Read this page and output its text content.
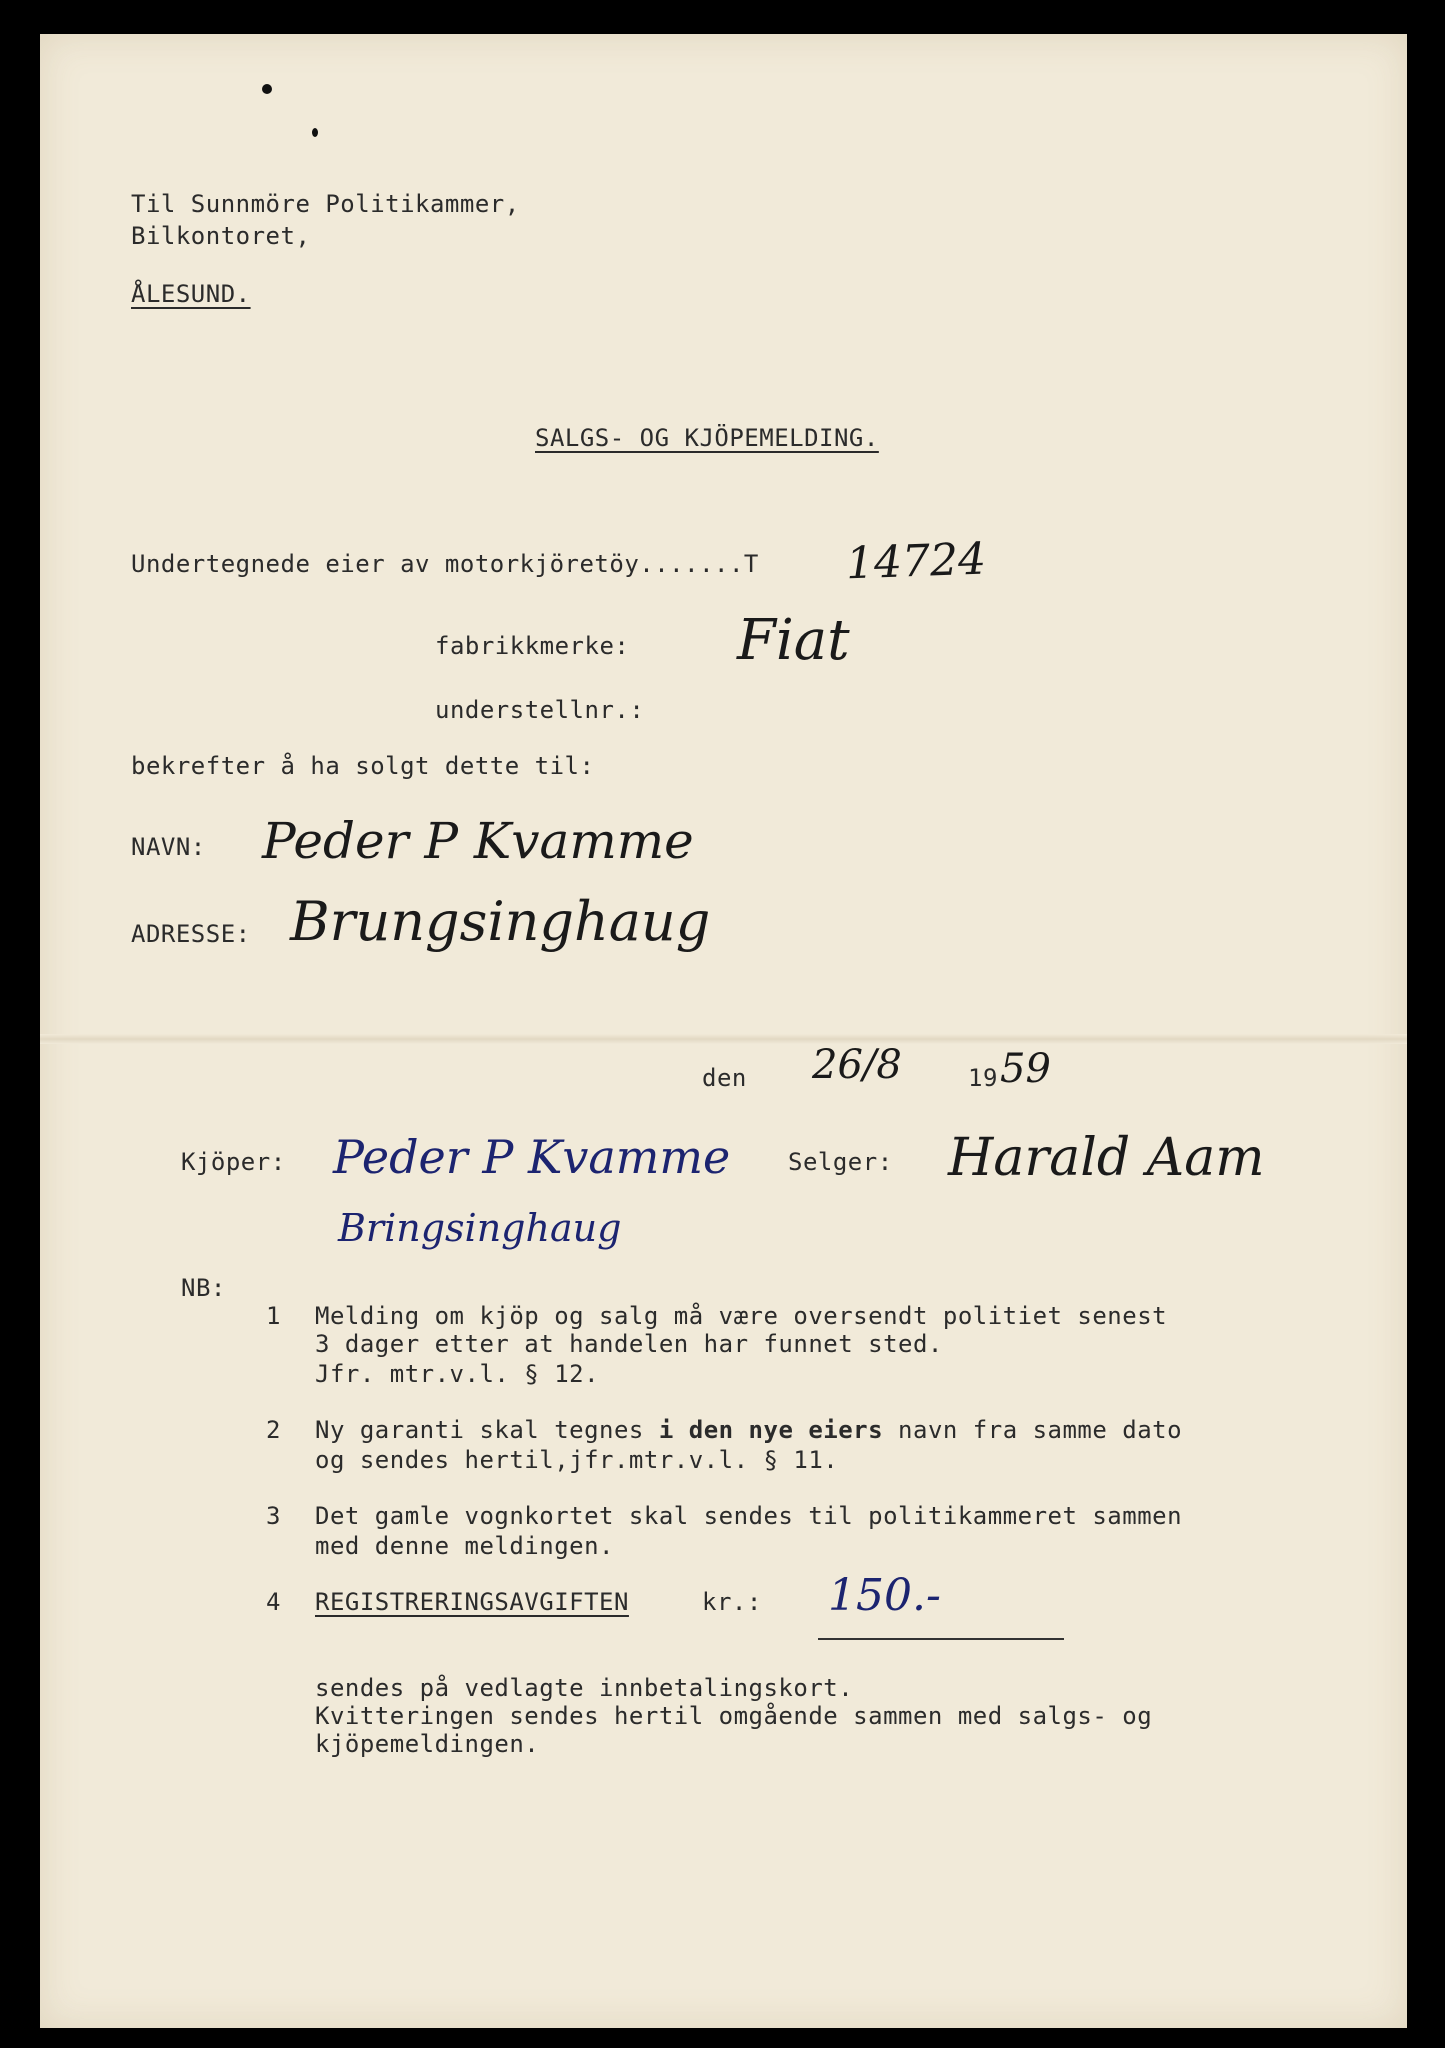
Til Sunnmöre Politikammer,
Bilkontoret,
ÅLESUND.
SALGS- OG KJÖPEMELDING.
Undertegnede eier av motorkjöretöy.......T 14724
fabrikkmerke: Fiat
understellnr.:
bekrefter å ha solgt dette til:
NAVN: Peder P Kvamme
ADRESSE: Brungsinghaug
den 26/8	19 59
Kjöper: Peder P Kvamme
Bringsinghaug
Selger: Harald Aam
NB:
1 Melding om kjöp og salg må være oversendt politiet senest
3 dager etter at handelen har funnet sted.
Jfr. mtr.v.l. § 12.
2 Ny garanti skal tegnes i den nye eiers navn fra samme dato
og sendes hertil,jfr.mtr.v.l. § 11.
3 Det gamle vognkortet skal sendes til politikammeret sammen
med denne meldingen.
4 REGISTRERINGSAVGIFTEN	kr.: 150.-
sendes på vedlagte innbetalingskort.
Kvitteringen sendes hertil omgående sammen med salgs- og
kjöpemeldingen.
